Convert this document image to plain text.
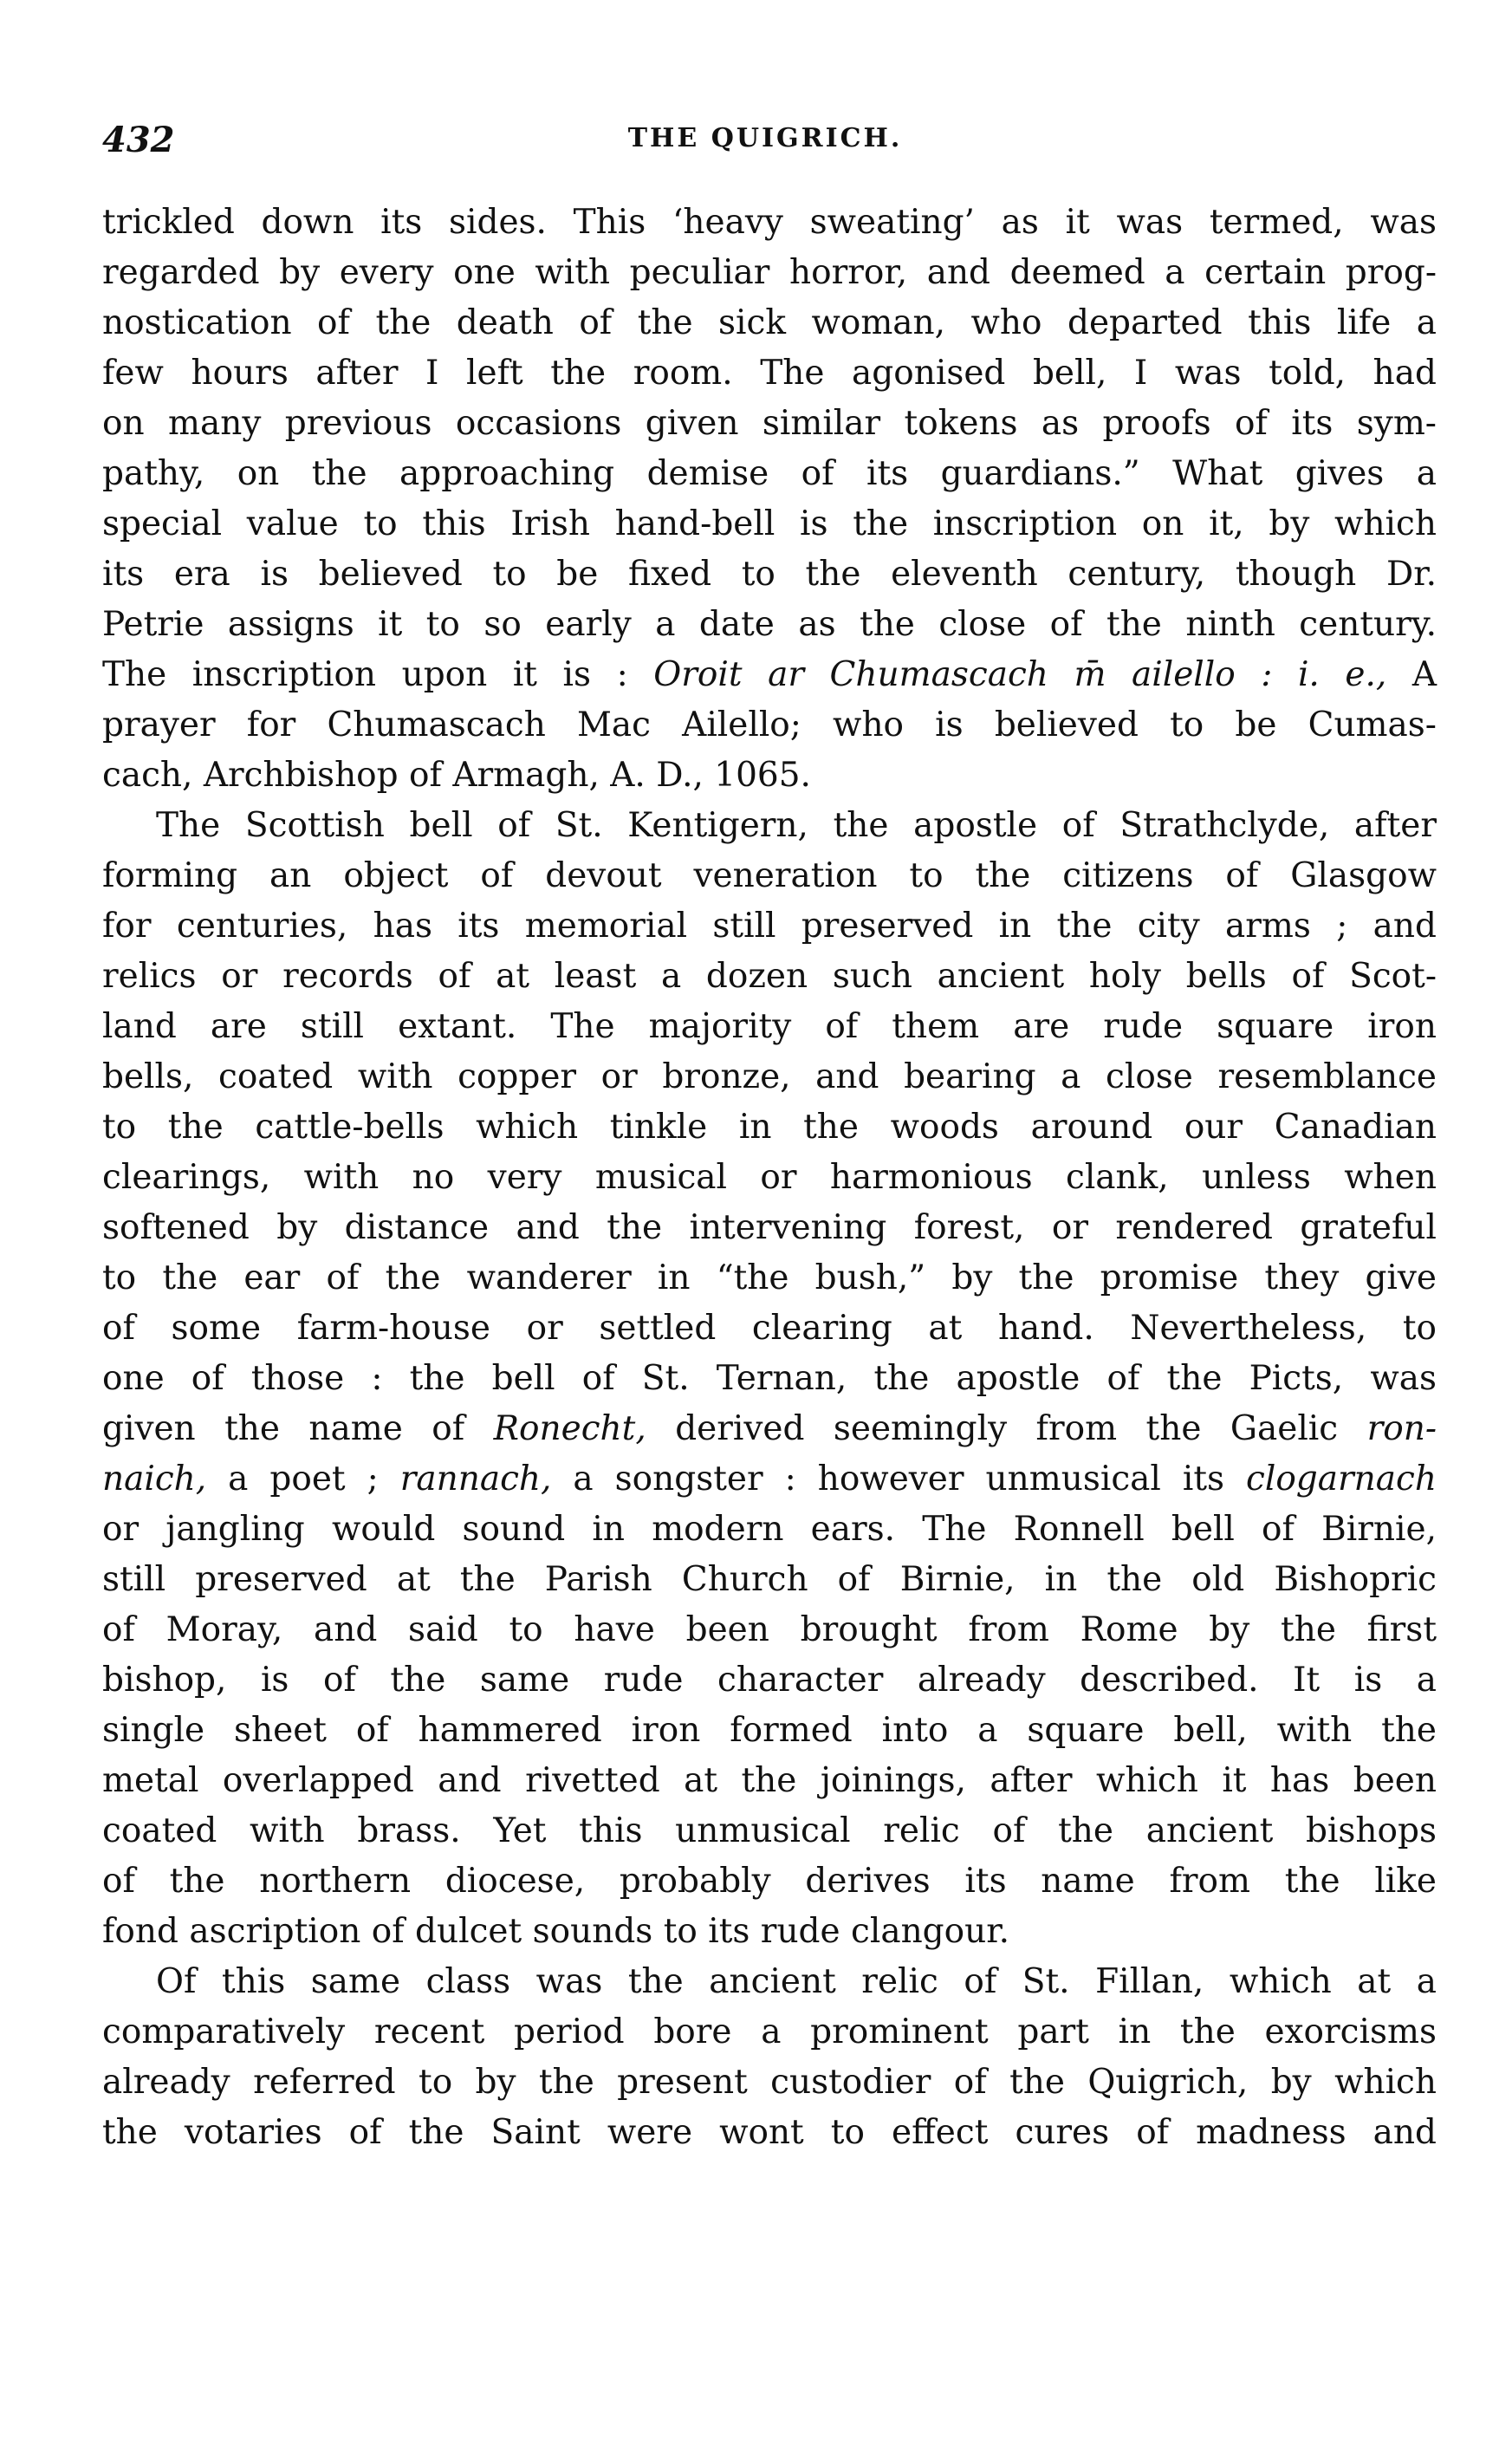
432	THE QUIGRICH.
trickled down its sides. This ‘heavy sweating’ as it was termed, was
regarded by every one with peculiar horror, and deemed a certain prog-
nostication of the death of the sick woman, who departed this life a
few hours after I left the room. The agonised bell, I was told, had
on many previous occasions given similar tokens as proofs of its sym-
pathy, on the approaching demise of its guardians.” What gives a
special value to this Irish hand-bell is the inscription on it, by which
its era is believed to be fixed to the eleventh century, though Dr.
Petrie assigns it to so early a date as the close of the ninth century.
The inscription upon it is : Oroit ar Chumascach m̄ ailello : i. e., A
prayer for Chumascach Mac Ailello; who is believed to be Cumas-
cach, Archbishop of Armagh, A. D., 1065.
The Scottish bell of St. Kentigern, the apostle of Strathclyde, after
forming an object of devout veneration to the citizens of Glasgow
for centuries, has its memorial still preserved in the city arms ; and
relics or records of at least a dozen such ancient holy bells of Scot-
land are still extant. The majority of them are rude square iron
bells, coated with copper or bronze, and bearing a close resemblance
to the cattle-bells which tinkle in the woods around our Canadian
clearings, with no very musical or harmonious clank, unless when
softened by distance and the intervening forest, or rendered grateful
to the ear of the wanderer in “the bush,” by the promise they give
of some farm-house or settled clearing at hand. Nevertheless, to
one of those : the bell of St. Ternan, the apostle of the Picts, was
given the name of Ronecht, derived seemingly from the Gaelic ron-
naich, a poet ; rannach, a songster : however unmusical its clogarnach
or jangling would sound in modern ears. The Ronnell bell of Birnie,
still preserved at the Parish Church of Birnie, in the old Bishopric
of Moray, and said to have been brought from Rome by the first
bishop, is of the same rude character already described. It is a
single sheet of hammered iron formed into a square bell, with the
metal overlapped and rivetted at the joinings, after which it has been
coated with brass. Yet this unmusical relic of the ancient bishops
of the northern diocese, probably derives its name from the like
fond ascription of dulcet sounds to its rude clangour.
Of this same class was the ancient relic of St. Fillan, which at a
comparatively recent period bore a prominent part in the exorcisms
already referred to by the present custodier of the Quigrich, by which
the votaries of the Saint were wont to effect cures of madness and
